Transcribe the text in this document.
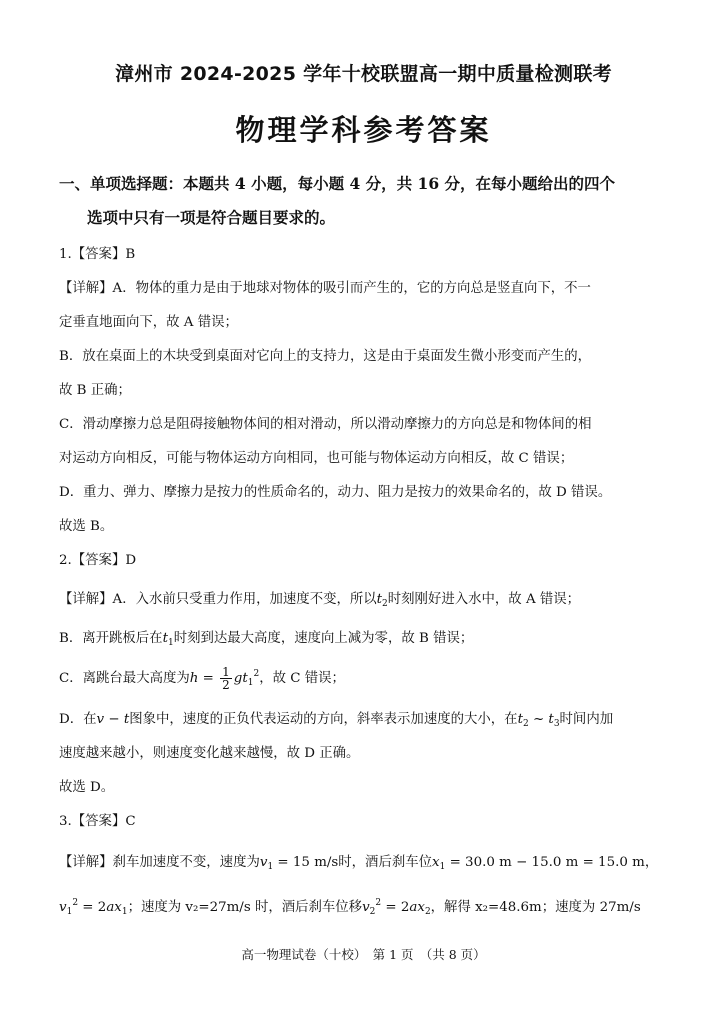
漳州市 2024-2025 学年十校联盟高一期中质量检测联考
物理学科参考答案
一、单项选择题：本题共 4 小题，每小题 4 分，共 16 分，在每小题给出的四个
选项中只有一项是符合题目要求的。
1.【答案】B
【详解】A．物体的重力是由于地球对物体的吸引而产生的，它的方向总是竖直向下，不一
定垂直地面向下，故 A 错误；
B．放在桌面上的木块受到桌面对它向上的支持力，这是由于桌面发生微小形变而产生的，
故 B 正确；
C．滑动摩擦力总是阻碍接触物体间的相对滑动，所以滑动摩擦力的方向总是和物体间的相
对运动方向相反，可能与物体运动方向相同，也可能与物体运动方向相反，故 C 错误；
D．重力、弹力、摩擦力是按力的性质命名的，动力、阻力是按力的效果命名的，故 D 错误。
故选 B。
2.【答案】D
【详解】A．入水前只受重力作用，加速度不变，所以$t_2$时刻刚好进入水中，故 A 错误；
B．离开跳板后在$t_1$时刻到达最大高度，速度向上减为零，故 B 错误；
C．离跳台最大高度为$h = \frac{1}{2} gt_1^2$，故 C 错误；
D．在v − t图象中，速度的正负代表运动的方向，斜率表示加速度的大小，在$t_2$ ~ $t_3$时间内加
速度越来越小，则速度变化越来越慢，故 D 正确。
故选 D。
3.【答案】C
【详解】刹车加速度不变，速度为$v_1 = 15$ m/s时，酒后刹车位$x_1 = 30.0$ m − 15.0 m = 15.0 m，
$v_1^2 = 2ax_1$；速度为 v₂=27m/s 时，酒后刹车位移$v_2^2 = 2ax_2$，解得 x₂=48.6m；速度为 27m/s
高一物理试卷（十校）　第 1 页　（共 8 页）
